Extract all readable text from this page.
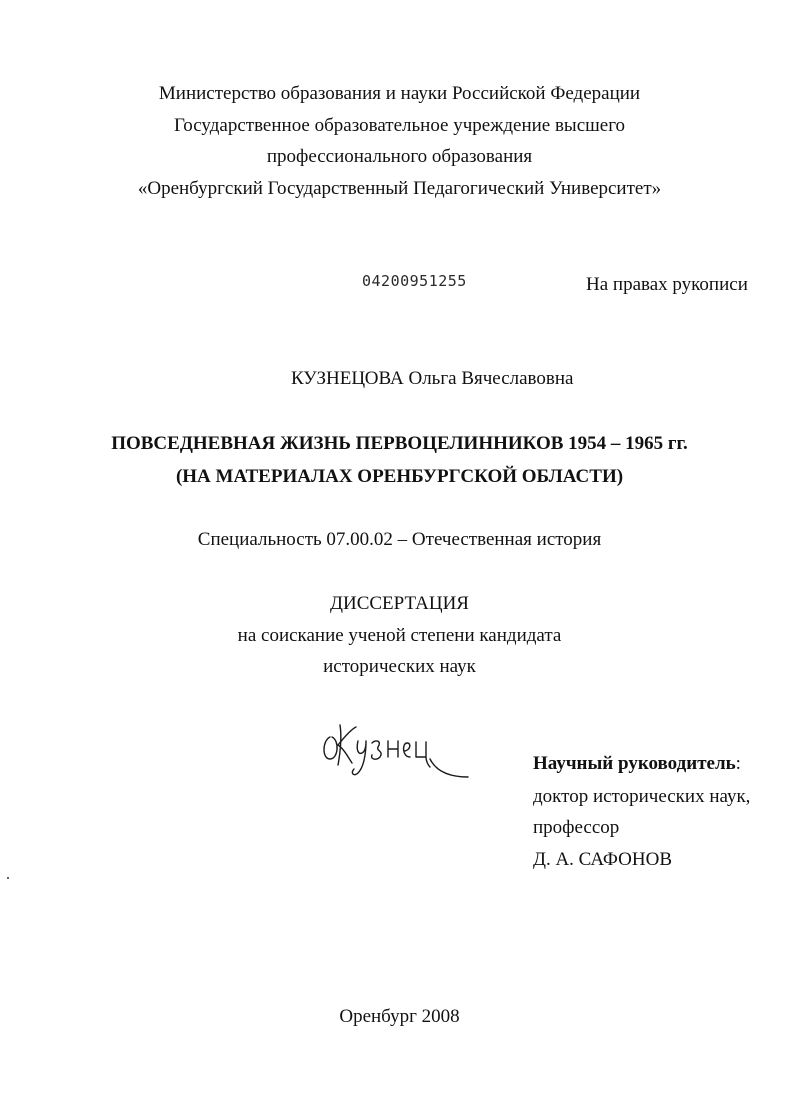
Министерство образования и науки Российской Федерации
Государственное образовательное учреждение высшего
профессионального образования
«Оренбургский Государственный Педагогический Университет»
04200951255	На правах рукописи
КУЗНЕЦОВА Ольга Вячеславовна
ПОВСЕДНЕВНАЯ ЖИЗНЬ ПЕРВОЦЕЛИННИКОВ 1954 – 1965 гг.
(НА МАТЕРИАЛАХ ОРЕНБУРГСКОЙ ОБЛАСТИ)
Специальность 07.00.02 – Отечественная история
ДИССЕРТАЦИЯ
на соискание ученой степени кандидата
исторических наук
Научный руководитель:
доктор исторических наук,
профессор
Д. А. САФОНОВ
Оренбург 2008
